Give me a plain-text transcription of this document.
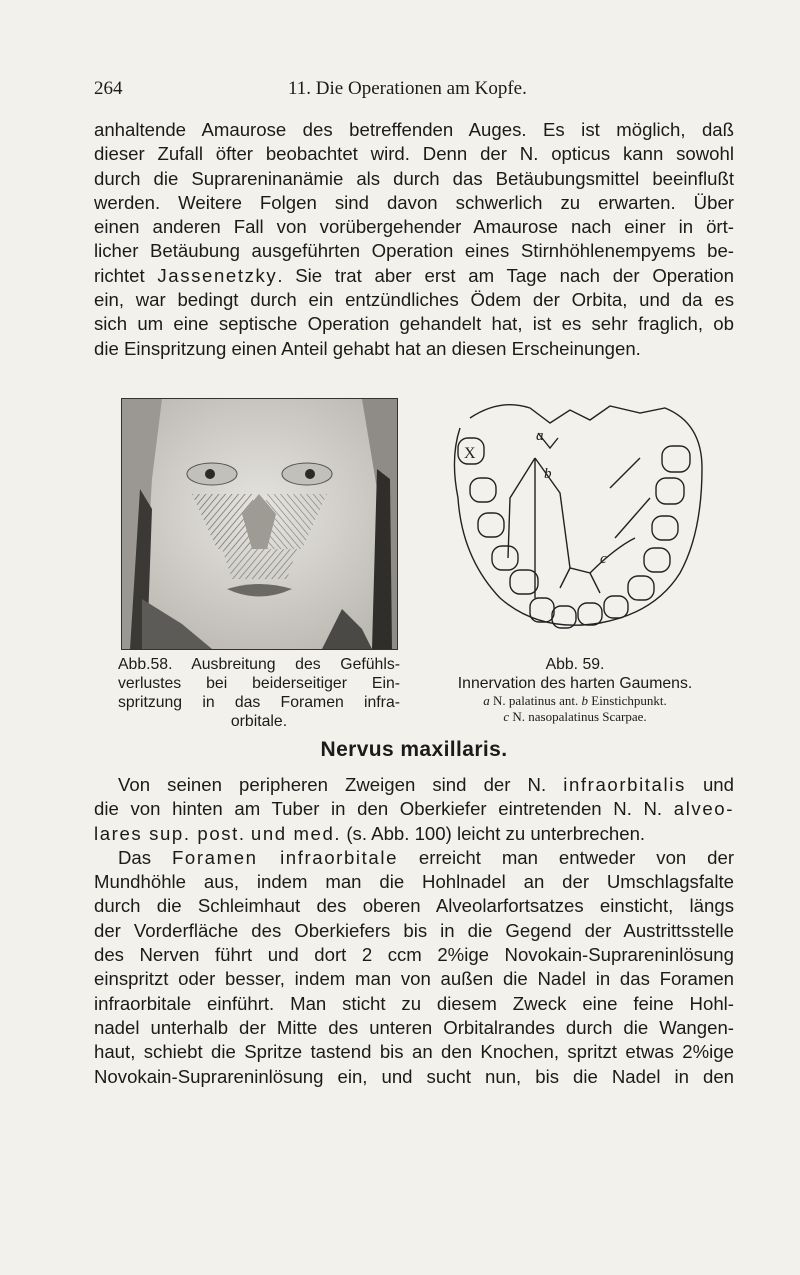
264	11. Die Operationen am Kopfe.

anhaltende Amaurose des betreffenden Auges. Es ist möglich, daß
dieser Zufall öfter beobachtet wird. Denn der N. opticus kann sowohl
durch die Suprareninanämie als durch das Betäubungsmittel beeinflußt
werden. Weitere Folgen sind davon schwerlich zu erwarten. Über
einen anderen Fall von vorübergehender Amaurose nach einer in ört-
licher Betäubung ausgeführten Operation eines Stirnhöhlenempyems be-
richtet Jassenetzky. Sie trat aber erst am Tage nach der Operation
ein, war bedingt durch ein entzündliches Ödem der Orbita, und da es
sich um eine septische Operation gehandelt hat, ist es sehr fraglich, ob
die Einspritzung einen Anteil gehabt hat an diesen Erscheinungen.

X
a
b
c
Abb.58. Ausbreitung des Gefühls-
verlustes bei beiderseitiger Ein-
spritzung in das Foramen infra-
orbitale.
Abb. 59.
Innervation des harten Gaumens.
a N. palatinus ant. b Einstichpunkt.
c N. nasopalatinus Scarpae.
Nervus maxillaris.

Von seinen peripheren Zweigen sind der N. infraorbitalis und
die von hinten am Tuber in den Oberkiefer eintretenden N. N. alveo-
lares sup. post. und med. (s. Abb. 100) leicht zu unterbrechen.
Das Foramen infraorbitale erreicht man entweder von der
Mundhöhle aus, indem man die Hohlnadel an der Umschlagsfalte
durch die Schleimhaut des oberen Alveolarfortsatzes einsticht, längs
der Vorderfläche des Oberkiefers bis in die Gegend der Austrittsstelle
des Nerven führt und dort 2 ccm 2%ige Novokain-Suprareninlösung
einspritzt oder besser, indem man von außen die Nadel in das Foramen
infraorbitale einführt. Man sticht zu diesem Zweck eine feine Hohl-
nadel unterhalb der Mitte des unteren Orbitalrandes durch die Wangen-
haut, schiebt die Spritze tastend bis an den Knochen, spritzt etwas 2%ige
Novokain-Suprareninlösung ein, und sucht nun, bis die Nadel in den
